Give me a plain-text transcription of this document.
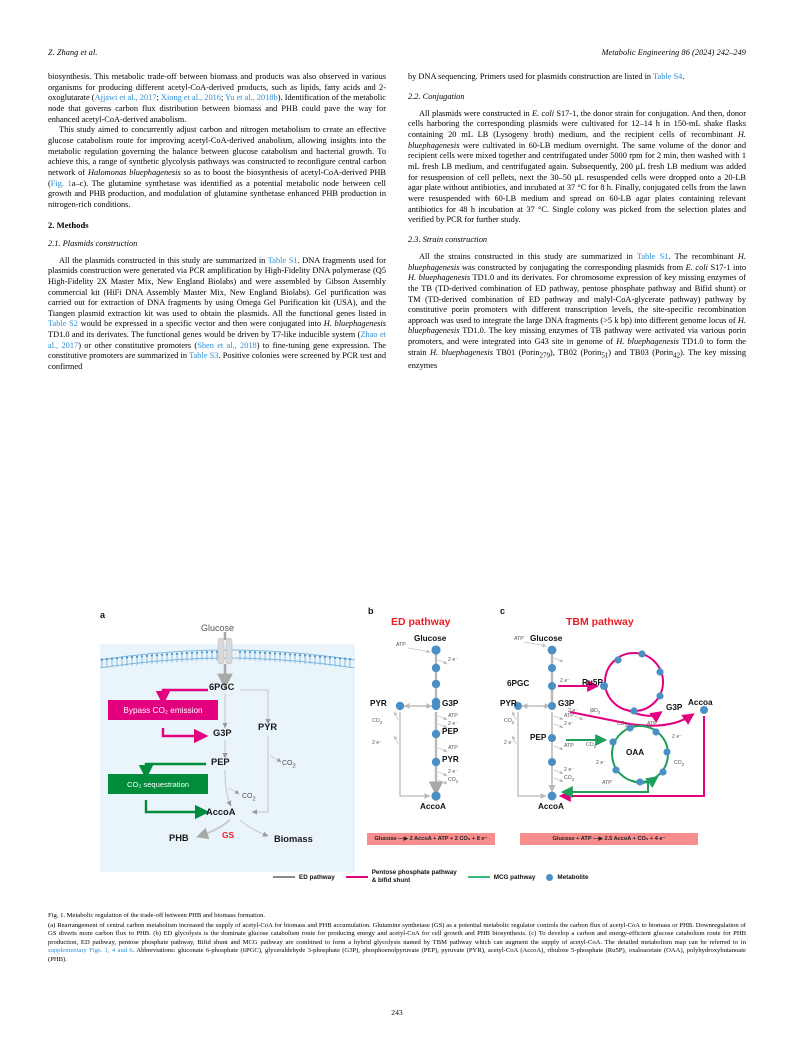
Z. Zhang et al.	Metabolic Engineering 86 (2024) 242–249

biosynthesis. This metabolic trade-off between biomass and products was also observed in various organisms for producing different acetyl-CoA-derived products, such as lipids, fatty acids and 2-oxoglutarate (Ajjawi et al., 2017; Xiong et al., 2016; Yu et al., 2018b). Identification of the metabolic node that governs carbon flux distribution between biomass and PHB could pave the way for enhanced acetyl-CoA-derived anabolism.

This study aimed to concurrently adjust carbon and nitrogen metabolism to create an effective glucose catabolism route for improving acetyl-CoA-derived anabolism, allowing insights into the metabolic regulation governing the balance between glucose catabolism and bacterial growth. To achieve this, a range of synthetic glycolysis pathways was constructed to reconfigure central carbon network of Halomonas bluephagenesis so as to boost the biosynthesis of acetyl-CoA-derived PHB (Fig. 1a–c). The glutamine synthetase was identified as a potential metabolic node between cell growth and PHB production, and modulation of glutamine synthetase enhanced PHB production in nitrogen-rich conditions.

2. Methods
2.1. Plasmids construction

All the plasmids constructed in this study are summarized in Table S1. DNA fragments used for plasmids construction were generated via PCR amplification by High-Fidelity DNA polymerase (Q5 High-Fidelity 2X Master Mix, New England Biolabs) and were assembled by Gibson Assembly commercial kit (HiFi DNA Assembly Master Mix, New England Biolabs). Gel purification was carried out for extraction of DNA fragments by using Omega Gel Purification kit (USA), and the Tiangen plasmid extraction kit was used to obtain the plasmids. All the functional genes listed in Table S2 would be expressed in a specific vector and then were conjugated into H. bluephagenesis TD1.0 and its derivates. The functional genes would be driven by T7-like inducible system (Zhao et al., 2017) or other constitutive promoters (Shen et al., 2018) to fine-tuning gene expression. The constitutive promoters are summarized in Table S3. Positive colonies were screened by PCR test and confirmed

by DNA sequencing. Primers used for plasmids construction are listed in Table S4.

2.2. Conjugation

All plasmids were constructed in E. coli S17-1, the donor strain for conjugation. And then, donor cells harboring the corresponding plasmids were cultivated for 12–14 h in 150-mL shake flasks containing 20 mL LB (Lysogeny broth) medium, and the recipient cells of recombinant H. bluephagenesis were cultivated in 60-LB medium overnight. The same volume of the donor and recipient cells were mixed together and centrifugated under 5000 rpm for 2 min, then washed with 1 mL fresh LB medium, and centrifugated again. Subsequently, 200 μL fresh LB medium was added for resuspension of cell pellets, next the 30–50 μL resuspended cells were dropped onto a 20-LB agar plate without antibiotics, and incubated at 37 °C for 8 h. Finally, conjugated cells from the lawn were resuspended with 60-LB medium and spread on 60-LB agar plates containing relevant antibiotics for 48 h incubation at 37 °C. Single colony was picked from the selection plates and verified by PCR for further study.

2.3. Strain construction

All the strains constructed in this study are summarized in Table S1. The recombinant H. bluephagenesis was constructed by conjugating the corresponding plasmids from E. coli S17-1 into H. bluephagenesis TD1.0 and its derivates. For chromosome expression of key missing enzymes of the TB (TD-derived combination of ED pathway, pentose phosphate pathway and Bifid shunt) or TM (TD-derived combination of ED pathway and malyl-CoA-glycerate pathway) pathway by constitutive porin promoters with different transcription levels, the site-specific recombination approach was used to integrate the large DNA fragments (>5 k bp) into different genome locus of H. bluephagenesis TD1.0. The key missing enzymes of TB pathway were activated via various porin promoters, and were integrated into G43 site in genome of H. bluephagenesis TD1.0 to form the strain H. bluephagenesis TB01 (Porin$_{279}$), TB02 (Porin$_{51}$) and TB03 (Porin$_{42}$). The key missing enzymes

a	b	c
ED pathway	TBM pathway
Glucose
6PGC
G3P
PYR
PEP
AccoA
PHB	Biomass
$CO_2$
$CO_2$
Bypass CO₂ emission
CO₂ sequestration
GS
Glucose
PYR	G3P
PEP
PYR
AccoA
ATP
2 e⁻
ATP
2 e⁻
ATP
2 e⁻
$CO_2$
$CO_2$
2 e⁻
Glucose
6PGC	Ru5P
G3P
Accoa
PYR	G3P
PEP
OAA
AccoA
ATP
2 e⁻
2 e⁻ $CO_2$
$CO_2$
2 e⁻
ATP
2 e⁻
ATP
2 e⁻
$CO_2$
$CO_2$
$CO_2$	ATP
2 e⁻
$CO_2$
2 e⁻
ATP
Glucose —▶ 2 AccoA + ATP + 2 CO₂ + 8 e⁻	Glucose + ATP —▶ 2.5 AccoA + CO₂ + 4 e⁻
ED pathway
Pentose phosphate pathway
& bifid shunt	MCG pathway	Metabolite
Fig. 1. Metabolic regulation of the trade-off between PHB and biomass formation.
(a) Rearrangement of central carbon metabolism increased the supply of acetyl-CoA for biomass and PHB accumulation. Glutamine synthetase (GS) as a potential metabolic regulator controls the carbon flux of acetyl-CoA to biomass or PHB. Downregulation of GS diverts more carbon flux to PHB. (b) ED glycolysis is the dominate glucose catabolism route for producing energy and acetyl-CoA for cell growth and PHB biosynthesis. (c) To develop a carbon and energy-efficient glucose catabolism route for PHB production, ED pathway, pentose phosphate pathway, Bifid shunt and MCG pathway are combined to form a hybrid glycolysis named by TBM pathway which can augment the supply of acetyl-CoA. The detailed metabolism map can be referred to in supplementary Figs. 1, 4 and 6. Abbreviations: gluconate 6-phosphate (6PGC), glyceraldehyde 3-phosphate (G3P), phosphoenolpyruvate (PEP), pyruvate (PYR), acetyl-CoA (AccoA), ribulose 5-phosphate (Ru5P), oxaloacetate (OAA), polyhydroxybutanoate (PHB).
243
